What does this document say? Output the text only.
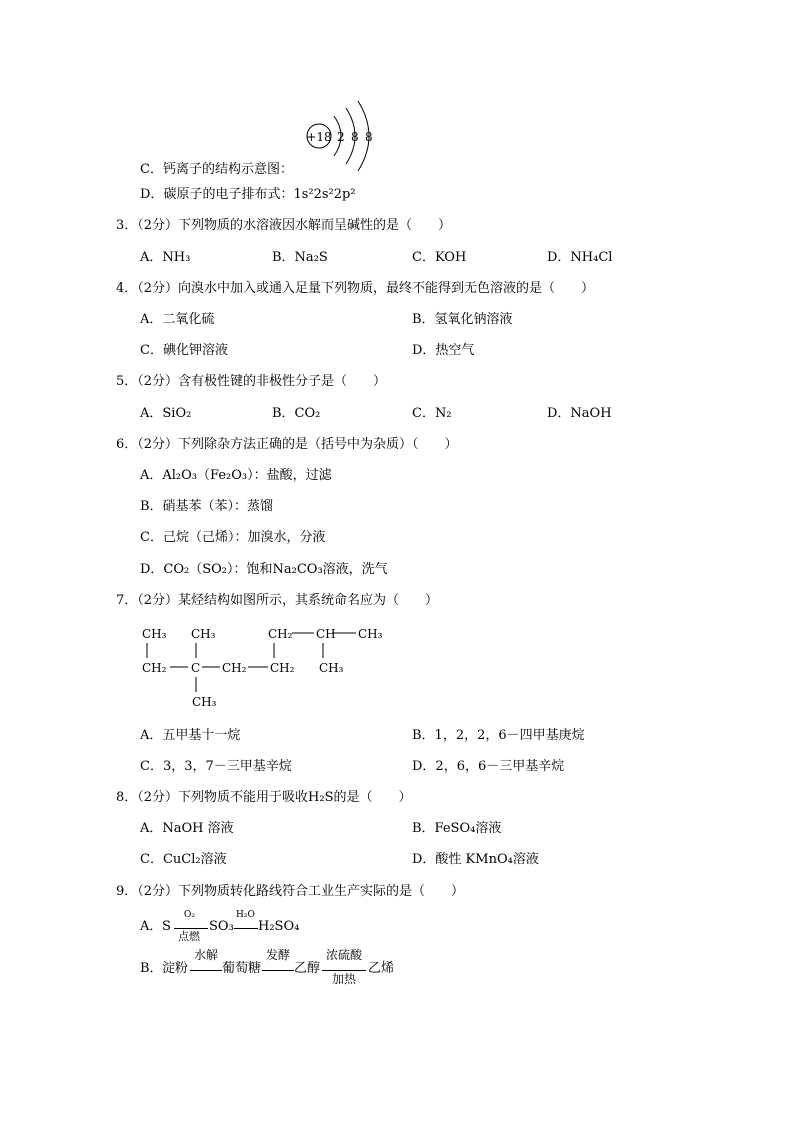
+18 2 8 8
C．钙离子的结构示意图：
D．碳原子的电子排布式：1s²2s²2p²
3．（2分）下列物质的水溶液因水解而呈碱性的是（　　）
A．NH₃	B．Na₂S	C．KOH	D．NH₄Cl
4．（2分）向溴水中加入或通入足量下列物质，最终不能得到无色溶液的是（　　）
A．二氧化硫	B．氢氧化钠溶液
C．碘化钾溶液	D．热空气
5．（2分）含有极性键的非极性分子是（　　）
A．SiO₂	B．CO₂	C．N₂	D．NaOH
6．（2分）下列除杂方法正确的是（括号中为杂质）（　　）
A．Al₂O₃（Fe₂O₃）：盐酸，过滤
B．硝基苯（苯）：蒸馏
C．己烷（己烯）：加溴水，分液
D．CO₂（SO₂）：饱和Na₂CO₃溶液，洗气
7．（2分）某烃结构如图所示，其系统命名应为（　　）
CH₃ CH₃	CH₂ CH CH₃
CH₂ C CH₂ CH₂ CH₃
CH₃
A．五甲基十一烷	B．1，2，2，6－四甲基庚烷
C．3，3，7－三甲基辛烷	D．2，6，6－三甲基辛烷
8．（2分）下列物质不能用于吸收H₂S的是（　　）
A．NaOH 溶液	B．FeSO₄溶液
C．CuCl₂溶液	D．酸性 KMnO₄溶液
9．（2分）下列物质转化路线符合工业生产实际的是（　　）
A． S
O₂
点燃
SO₃
H₂O
H₂SO₄
B． 淀粉
水解
葡萄糖
发酵
乙醇
浓硫酸
加热
乙烯
